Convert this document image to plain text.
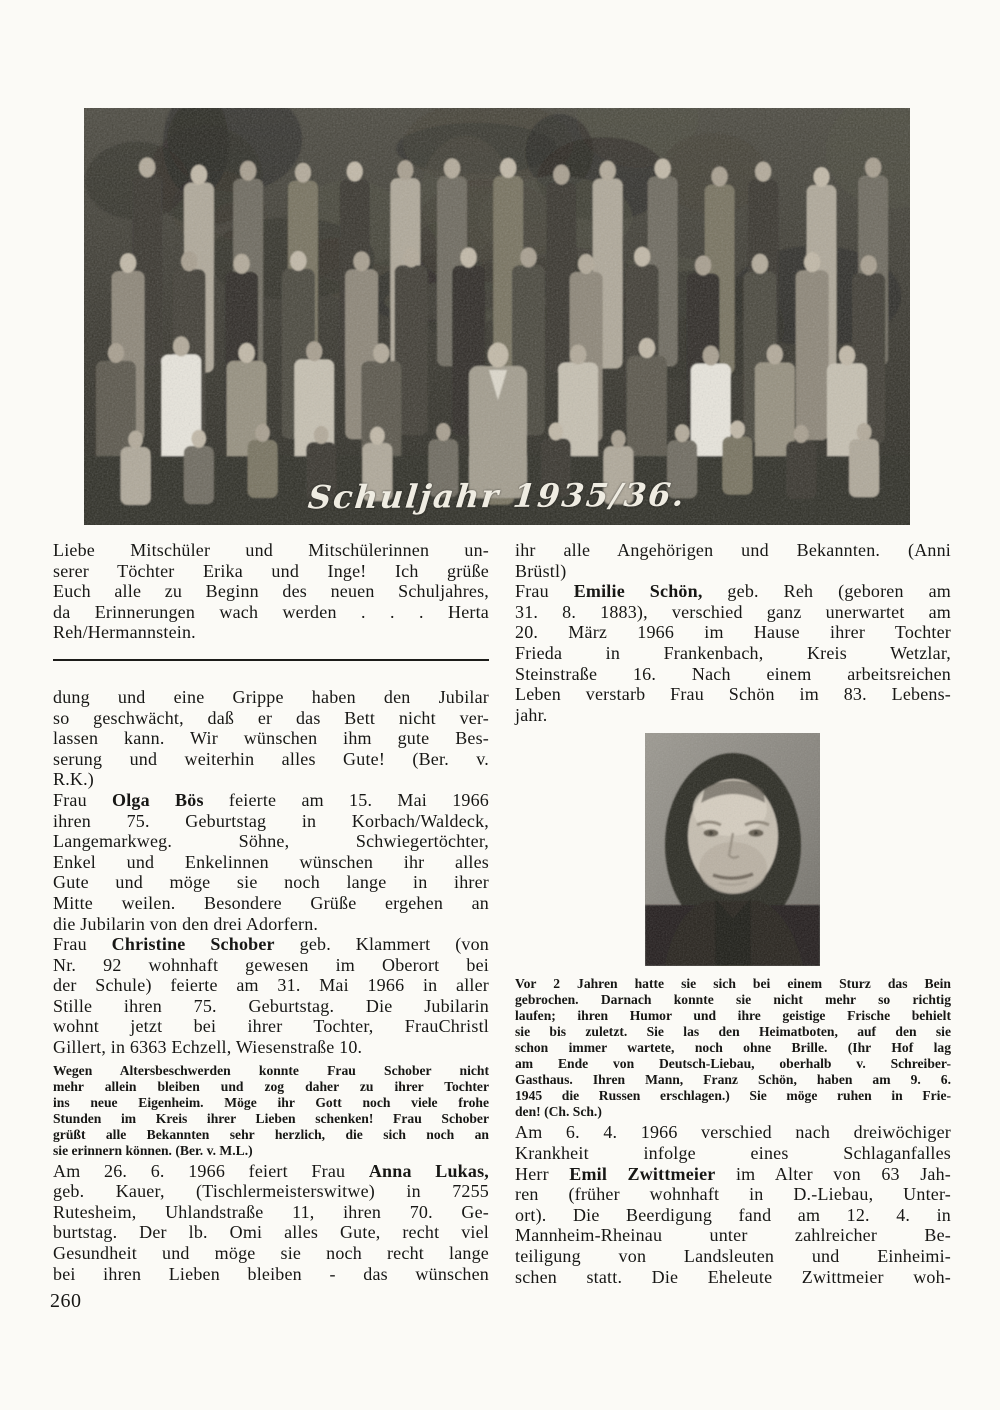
Schuljahr 1935/36.
Liebe Mitschüler und Mitschülerinnen un-
serer Töchter Erika und Inge! Ich grüße
Euch alle zu Beginn des neuen Schuljahres,
da Erinnerungen wach werden . . . Herta
Reh/Hermannstein.
dung und eine Grippe haben den Jubilar
so geschwächt, daß er das Bett nicht ver-
lassen kann. Wir wünschen ihm gute Bes-
serung und weiterhin alles Gute! (Ber. v.
R.K.)
Frau Olga Bös feierte am 15. Mai 1966
ihren 75. Geburtstag in Korbach/Waldeck,
Langemarkweg. Söhne, Schwiegertöchter,
Enkel und Enkelinnen wünschen ihr alles
Gute und möge sie noch lange in ihrer
Mitte weilen. Besondere Grüße ergehen an
die Jubilarin von den drei Adorfern.
Frau Christine Schober geb. Klammert (von
Nr. 92 wohnhaft gewesen im Oberort bei
der Schule) feierte am 31. Mai 1966 in aller
Stille ihren 75. Geburtstag. Die Jubilarin
wohnt jetzt bei ihrer Tochter, FrauChristl
Gillert, in 6363 Echzell, Wiesenstraße 10.
Wegen Altersbeschwerden konnte Frau Schober nicht
mehr allein bleiben und zog daher zu ihrer Tochter
ins neue Eigenheim. Möge ihr Gott noch viele frohe
Stunden im Kreis ihrer Lieben schenken! Frau Schober
grüßt alle Bekannten sehr herzlich, die sich noch an
sie erinnern können. (Ber. v. M.L.)
Am 26. 6. 1966 feiert Frau Anna Lukas,
geb. Kauer, (Tischlermeisterswitwe) in 7255
Rutesheim, Uhlandstraße 11, ihren 70. Ge-
burtstag. Der lb. Omi alles Gute, recht viel
Gesundheit und möge sie noch recht lange
bei ihren Lieben bleiben - das wünschen
ihr alle Angehörigen und Bekannten. (Anni
Brüstl)
Frau Emilie Schön, geb. Reh (geboren am
31. 8. 1883), verschied ganz unerwartet am
20. März 1966 im Hause ihrer Tochter
Frieda in Frankenbach, Kreis Wetzlar,
Steinstraße 16. Nach einem arbeitsreichen
Leben verstarb Frau Schön im 83. Lebens-
jahr.
Vor 2 Jahren hatte sie sich bei einem Sturz das Bein
gebrochen. Darnach konnte sie nicht mehr so richtig
laufen; ihren Humor und ihre geistige Frische behielt
sie bis zuletzt. Sie las den Heimatboten, auf den sie
schon immer wartete, noch ohne Brille. (Ihr Hof lag
am Ende von Deutsch-Liebau, oberhalb v. Schreiber-
Gasthaus. Ihren Mann, Franz Schön, haben am 9. 6.
1945 die Russen erschlagen.) Sie möge ruhen in Frie-
den! (Ch. Sch.)
Am 6. 4. 1966 verschied nach dreiwöchiger
Krankheit infolge eines Schlaganfalles
Herr Emil Zwittmeier im Alter von 63 Jah-
ren (früher wohnhaft in D.-Liebau, Unter-
ort). Die Beerdigung fand am 12. 4. in
Mannheim-Rheinau unter zahlreicher Be-
teiligung von Landsleuten und Einheimi-
schen statt. Die Eheleute Zwittmeier woh-
260
